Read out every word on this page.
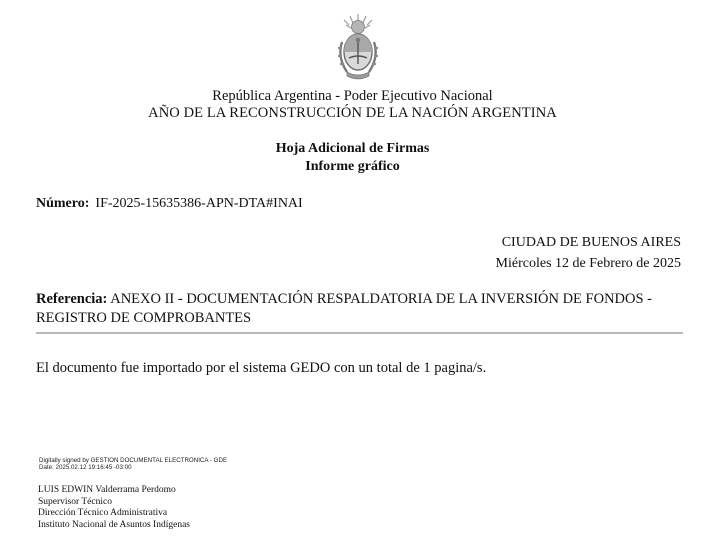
República Argentina - Poder Ejecutivo Nacional
AÑO DE LA RECONSTRUCCIÓN DE LA NACIÓN ARGENTINA
Hoja Adicional de Firmas
Informe gráfico
Número: IF-2025-15635386-APN-DTA#INAI
CIUDAD DE BUENOS AIRES
Miércoles 12 de Febrero de 2025
Referencia: ANEXO II - DOCUMENTACIÓN RESPALDATORIA DE LA INVERSIÓN DE FONDOS - REGISTRO DE COMPROBANTES
El documento fue importado por el sistema GEDO con un total de 1 pagina/s.
Digitally signed by GESTION DOCUMENTAL ELECTRONICA - GDE
Date: 2025.02.12 19:16:45 -03:00
LUIS EDWIN Valderrama Perdomo
Supervisor Técnico
Dirección Técnico Administrativa
Instituto Nacional de Asuntos Indígenas
